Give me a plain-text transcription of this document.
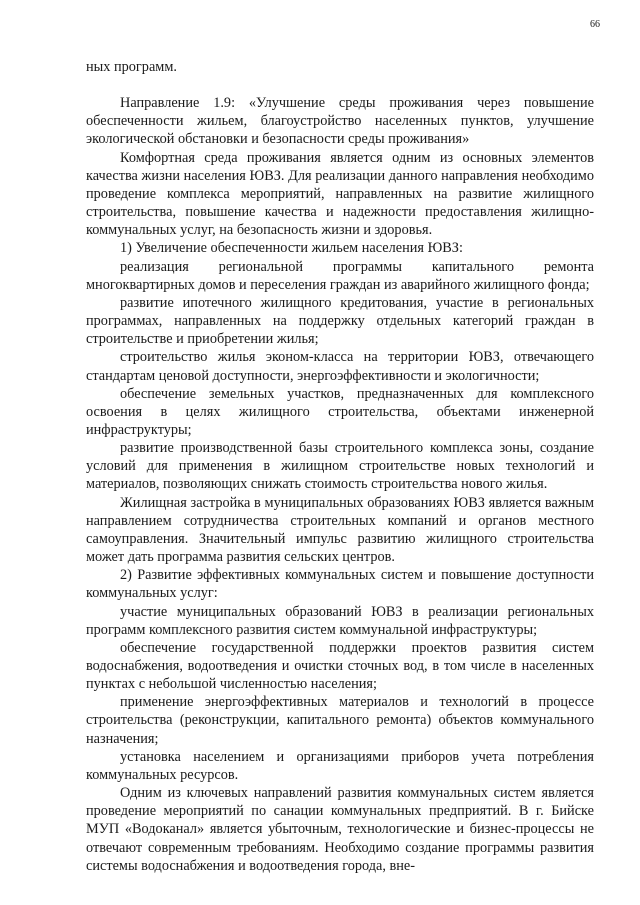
66

ных программ.

Направление 1.9: «Улучшение среды проживания через повышение обеспеченности жильем, благоустройство населенных пунктов, улучшение экологической обстановки и безопасности среды проживания»

Комфортная среда проживания является одним из основных элементов качества жизни населения ЮВЗ. Для реализации данного направления необходимо проведение комплекса мероприятий, направленных на развитие жилищного строительства, повышение качества и надежности предоставления жилищно-коммунальных услуг, на безопасность жизни и здоровья.

1) Увеличение обеспеченности жильем населения ЮВЗ:

реализация региональной программы капитального ремонта многоквартирных домов и переселения граждан из аварийного жилищного фонда;

развитие ипотечного жилищного кредитования, участие в региональных программах, направленных на поддержку отдельных категорий граждан в строительстве и приобретении жилья;

строительство жилья эконом-класса на территории ЮВЗ, отвечающего стандартам ценовой доступности, энергоэффективности и экологичности;

обеспечение земельных участков, предназначенных для комплексного освоения в целях жилищного строительства, объектами инженерной инфраструктуры;

развитие производственной базы строительного комплекса зоны, создание условий для применения в жилищном строительстве новых технологий и материалов, позволяющих снижать стоимость строительства нового жилья.

Жилищная застройка в муниципальных образованиях ЮВЗ является важным направлением сотрудничества строительных компаний и органов местного самоуправления. Значительный импульс развитию жилищного строительства может дать программа развития сельских центров.

2) Развитие эффективных коммунальных систем и повышение доступности коммунальных услуг:

участие муниципальных образований ЮВЗ в реализации региональных программ комплексного развития систем коммунальной инфраструктуры;

обеспечение государственной поддержки проектов развития систем водоснабжения, водоотведения и очистки сточных вод, в том числе в населенных пунктах с небольшой численностью населения;

применение энергоэффективных материалов и технологий в процессе строительства (реконструкции, капитального ремонта) объектов коммунального назначения;

установка населением и организациями приборов учета потребления коммунальных ресурсов.

Одним из ключевых направлений развития коммунальных систем является проведение мероприятий по санации коммунальных предприятий. В г. Бийске МУП «Водоканал» является убыточным, технологические и бизнес-процессы не отвечают современным требованиям. Необходимо создание программы развития системы водоснабжения и водоотведения города, вне-
